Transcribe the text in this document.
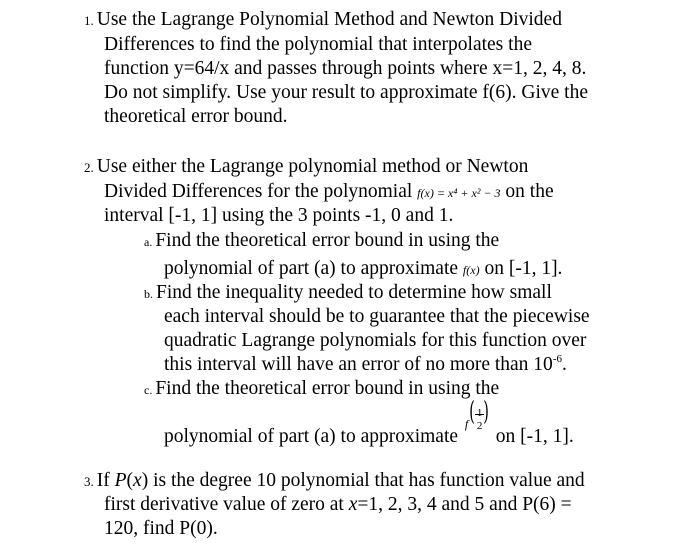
1. Use the Lagrange Polynomial Method and Newton Divided
Differences to find the polynomial that interpolates the
function y=64/x and passes through points where x=1, 2, 4, 8.
Do not simplify. Use your result to approximate f(6). Give the
theoretical error bound.
2. Use either the Lagrange polynomial method or Newton
Divided Differences for the polynomial f(x) = x⁴ + x² − 3 on the
interval [-1, 1] using the 3 points -1, 0 and 1.
a. Find the theoretical error bound in using the
polynomial of part (a) to approximate f(x) on [-1, 1].
b. Find the inequality needed to determine how small
each interval should be to guarantee that the piecewise
quadratic Lagrange polynomials for this function over
this interval will have an error of no more than $10^{-6}$.
c. Find the theoretical error bound in using the
polynomial of part (a) to approximate
f ( 1
2 )
on [-1, 1].
3. If P(x) is the degree 10 polynomial that has function value and
first derivative value of zero at x=1, 2, 3, 4 and 5 and P(6) =
120, find P(0).
